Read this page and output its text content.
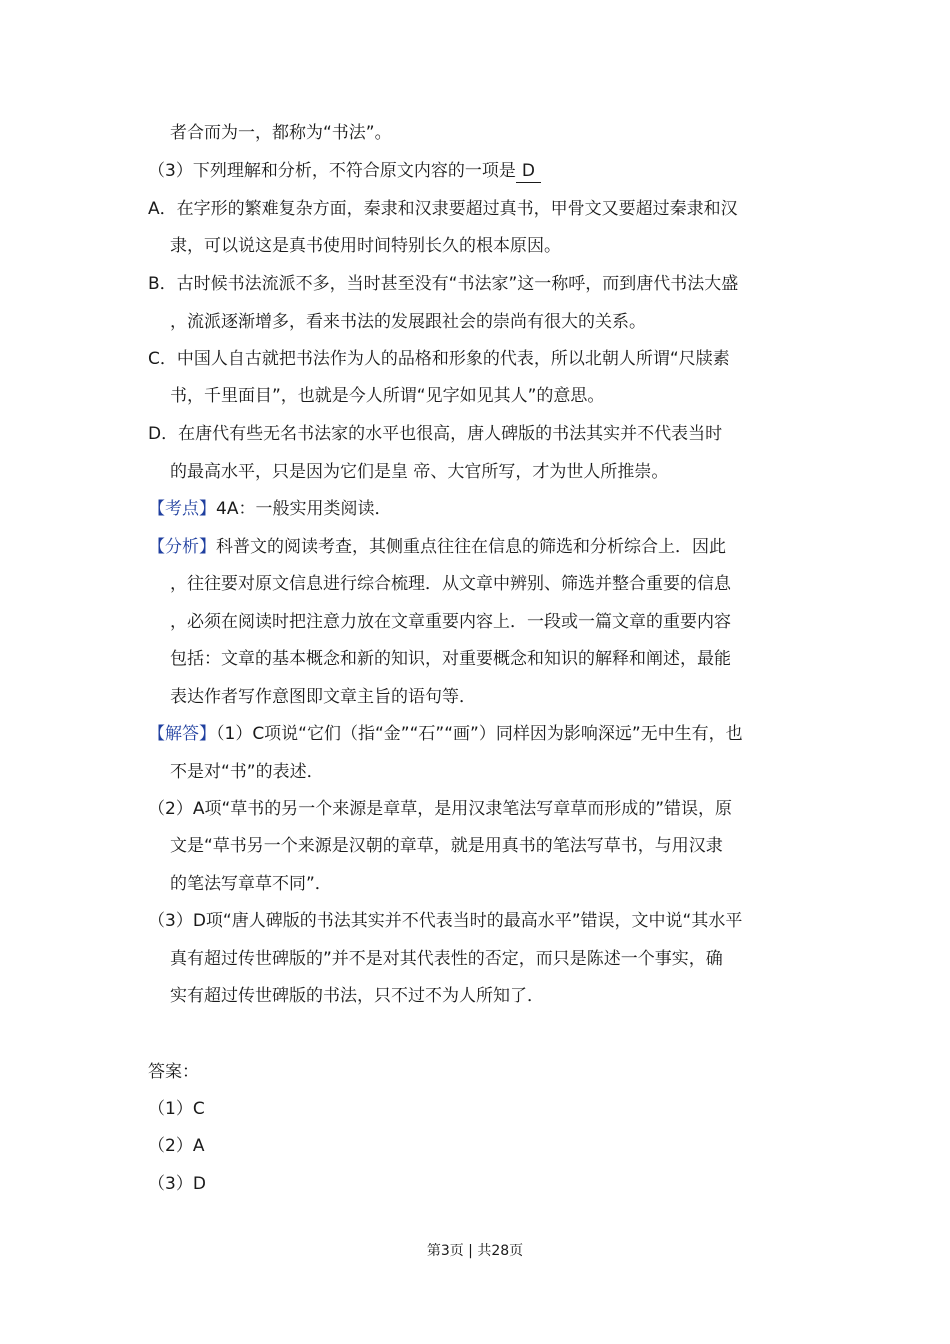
者合而为一，都称为“书法”。
（3）下列理解和分析，不符合原文内容的一项是 D
A．在字形的繁难复杂方面，秦隶和汉隶要超过真书，甲骨文又要超过秦隶和汉
隶，可以说这是真书使用时间特别长久的根本原因。
B．古时候书法流派不多，当时甚至没有“书法家”这一称呼，而到唐代书法大盛
，流派逐渐增多，看来书法的发展跟社会的崇尚有很大的关系。
C．中国人自古就把书法作为人的品格和形象的代表，所以北朝人所谓“尺牍素
书，千里面目”，也就是今人所谓“见字如见其人”的意思。
D．在唐代有些无名书法家的水平也很高，唐人碑版的书法其实并不代表当时
的最高水平，只是因为它们是皇 帝、大官所写，才为世人所推崇。
【考点】4A：一般实用类阅读．
【分析】科普文的阅读考查，其侧重点往往在信息的筛选和分析综合上．因此
，往往要对原文信息进行综合梳理．从文章中辨别、筛选并整合重要的信息
，必须在阅读时把注意力放在文章重要内容上．一段或一篇文章的重要内容
包括：文章的基本概念和新的知识，对重要概念和知识的解释和阐述，最能
表达作者写作意图即文章主旨的语句等．
【解答】（1）C项说“它们（指“金”“石”“画”）同样因为影响深远”无中生有，也
不是对“书”的表述．
（2）A项“草书的另一个来源是章草，是用汉隶笔法写章草而形成的”错误，原
文是“草书另一个来源是汉朝的章草，就是用真书的笔法写草书，与用汉隶
的笔法写章草不同”．
（3）D项“唐人碑版的书法其实并不代表当时的最高水平”错误，文中说“其水平
真有超过传世碑版的”并不是对其代表性的否定，而只是陈述一个事实，确
实有超过传世碑版的书法，只不过不为人所知了．
答案：
（1）C
（2）A
（3）D
第3页 | 共28页
